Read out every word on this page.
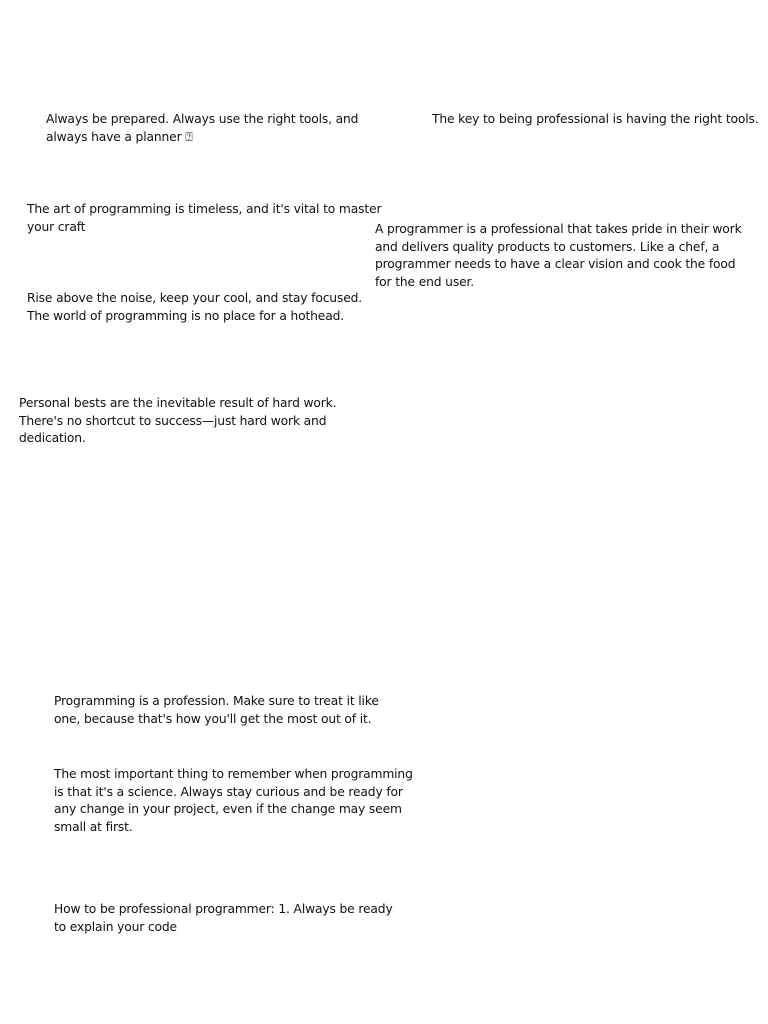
Always be prepared. Always use the right tools, and always have a planner ⍰

The key to being professional is having the right tools.

The art of programming is timeless, and it's vital to master your craft	A programmer is a professional that takes pride in their work and delivers quality products to customers. Like a chef, a programmer needs to have a clear vision and cook the food for the end user.

Rise above the noise, keep your cool, and stay focused. The world of programming is no place for a hothead.

Personal bests are the inevitable result of hard work. There's no shortcut to success—just hard work and dedication.

Programming is a profession. Make sure to treat it like one, because that's how you'll get the most out of it.

The most important thing to remember when programming is that it's a science. Always stay curious and be ready for any change in your project, even if the change may seem small at first.

How to be professional programmer: 1. Always be ready to explain your code
